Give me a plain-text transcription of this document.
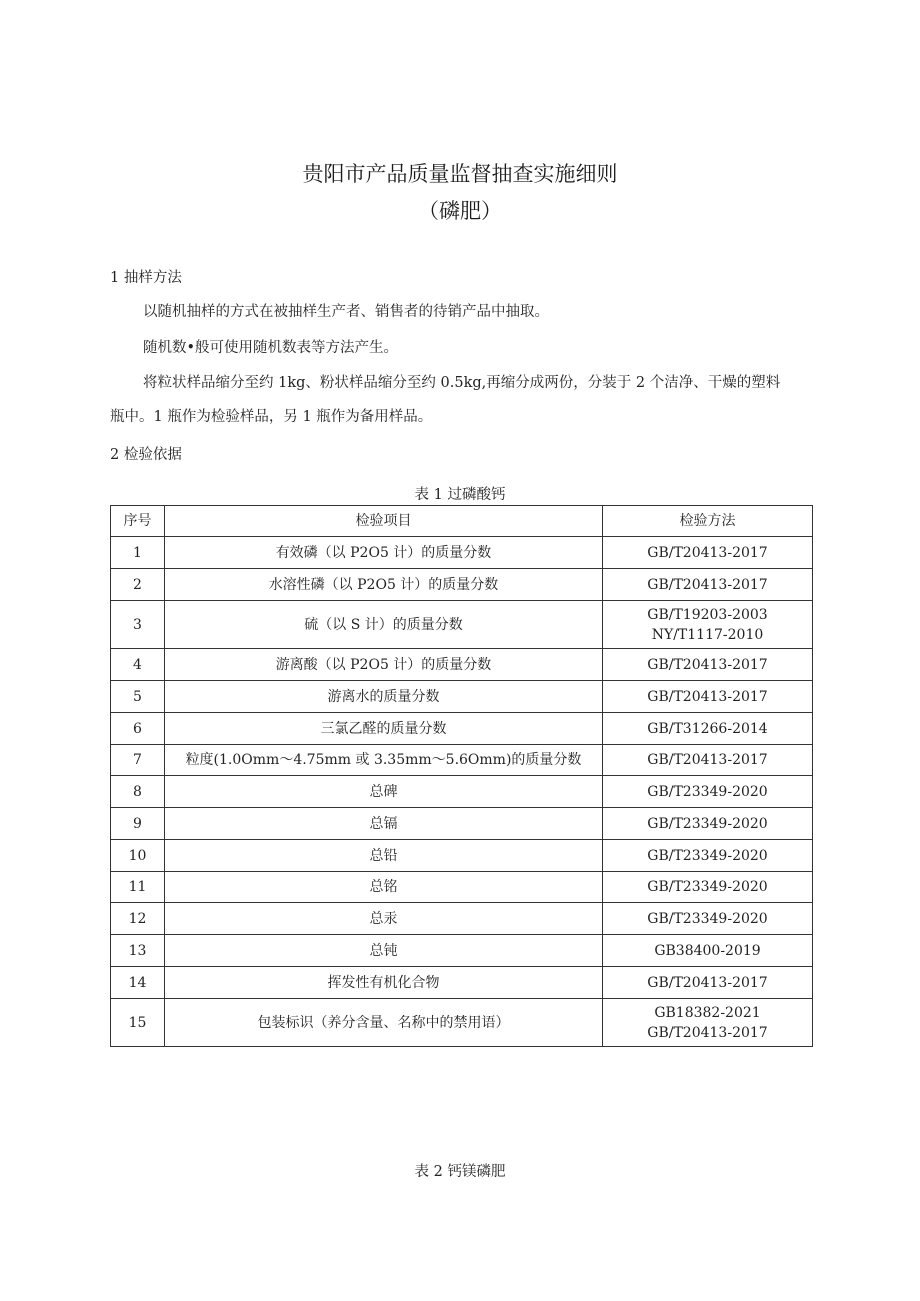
贵阳市产品质量监督抽查实施细则
（磷肥）

1 抽样方法

以随机抽样的方式在被抽样生产者、销售者的待销产品中抽取。

随机数•般可使用随机数表等方法产生。

将粒状样品缩分至约 1kg、粉状样品缩分至约 0.5kg,再缩分成两份，分装于 2 个洁净、干燥的塑料

瓶中。1 瓶作为检验样品，另 1 瓶作为备用样品。

2 检验依据

表 1 过磷酸钙

序号	检验项目	检验方法
1	有效磷（以 P2O5 计）的质量分数	GB/T20413-2017

2	水溶性磷（以 P2O5 计）的质量分数	GB/T20413-2017

3	硫（以 S 计）的质量分数	GB/T19203-2003
NY/T1117-2010

4	游离酸（以 P2O5 计）的质量分数	GB/T20413-2017

5	游离水的质量分数	GB/T20413-2017

6	三氯乙醛的质量分数	GB/T31266-2014

7	粒度(1.0Omm～4.75mm 或 3.35mm～5.6Omm)的质量分数	GB/T20413-2017

8	总碑	GB/T23349-2020

9	总镉	GB/T23349-2020

10	总铅	GB/T23349-2020

11	总铭	GB/T23349-2020

12	总汞	GB/T23349-2020

13	总钝	GB38400-2019

14	挥发性有机化合物	GB/T20413-2017

15	包装标识（养分含量、名称中的禁用语）	GB18382-2021
GB/T20413-2017

表 2 钙镁磷肥
